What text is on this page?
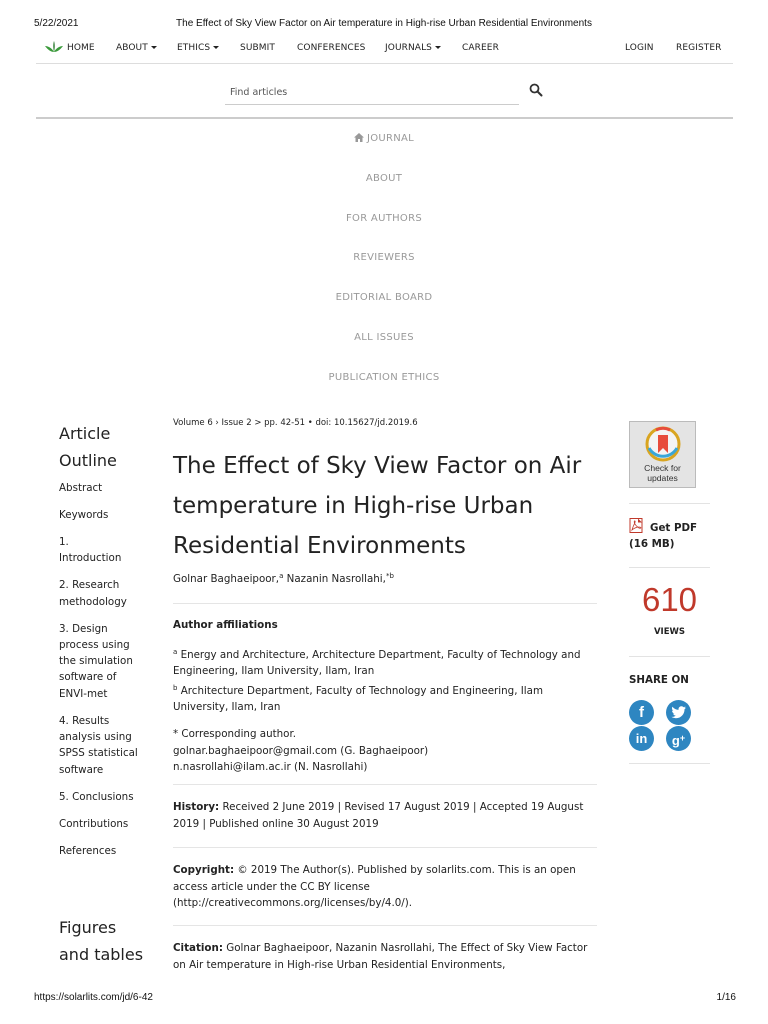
5/22/2021	The Effect of Sky View Factor on Air temperature in High-rise Urban Residential Environments
HOME ABOUT	ETHICS	SUBMIT CONFERENCES JOURNALS	CAREER	LOGIN REGISTER
Find articles
JOURNAL
ABOUT
FOR AUTHORS
REVIEWERS
EDITORIAL BOARD
ALL ISSUES
PUBLICATION ETHICS
Article
Outline
Abstract
Keywords
1. Introduction
2. Research methodology
3. Design process using the simulation software of ENVI-met
4. Results analysis using SPSS statistical software
5. Conclusions
Contributions
References
Figures
and tables
Volume 6 › Issue 2 > pp. 42-51 • doi: 10.15627/jd.2019.6
The Effect of Sky View Factor on Air temperature in High-rise Urban Residential Environments
Golnar Baghaeipoor,$^a$ Nazanin Nasrollahi,$^{*b}$
Author affiliations
$^a$ Energy and Architecture, Architecture Department, Faculty of Technology and Engineering, Ilam University, Ilam, Iran
$^b$ Architecture Department, Faculty of Technology and Engineering, Ilam University, Ilam, Iran
* Corresponding author.
golnar.baghaeipoor@gmail.com (G. Baghaeipoor)
n.nasrollahi@ilam.ac.ir (N. Nasrollahi)
History: Received 2 June 2019 | Revised 17 August 2019 | Accepted 19 August 2019 | Published online 30 August 2019
Copyright: © 2019 The Author(s). Published by solarlits.com. This is an open access article under the CC BY license (http://creativecommons.org/licenses/by/4.0/).
Citation: Golnar Baghaeipoor, Nazanin Nasrollahi, The Effect of Sky View Factor on Air temperature in High-rise Urban Residential Environments,
Check for
updates
Get PDF
(16 MB)
610
VIEWS
SHARE ON
f
in	g+
https://solarlits.com/jd/6-42	1/16
